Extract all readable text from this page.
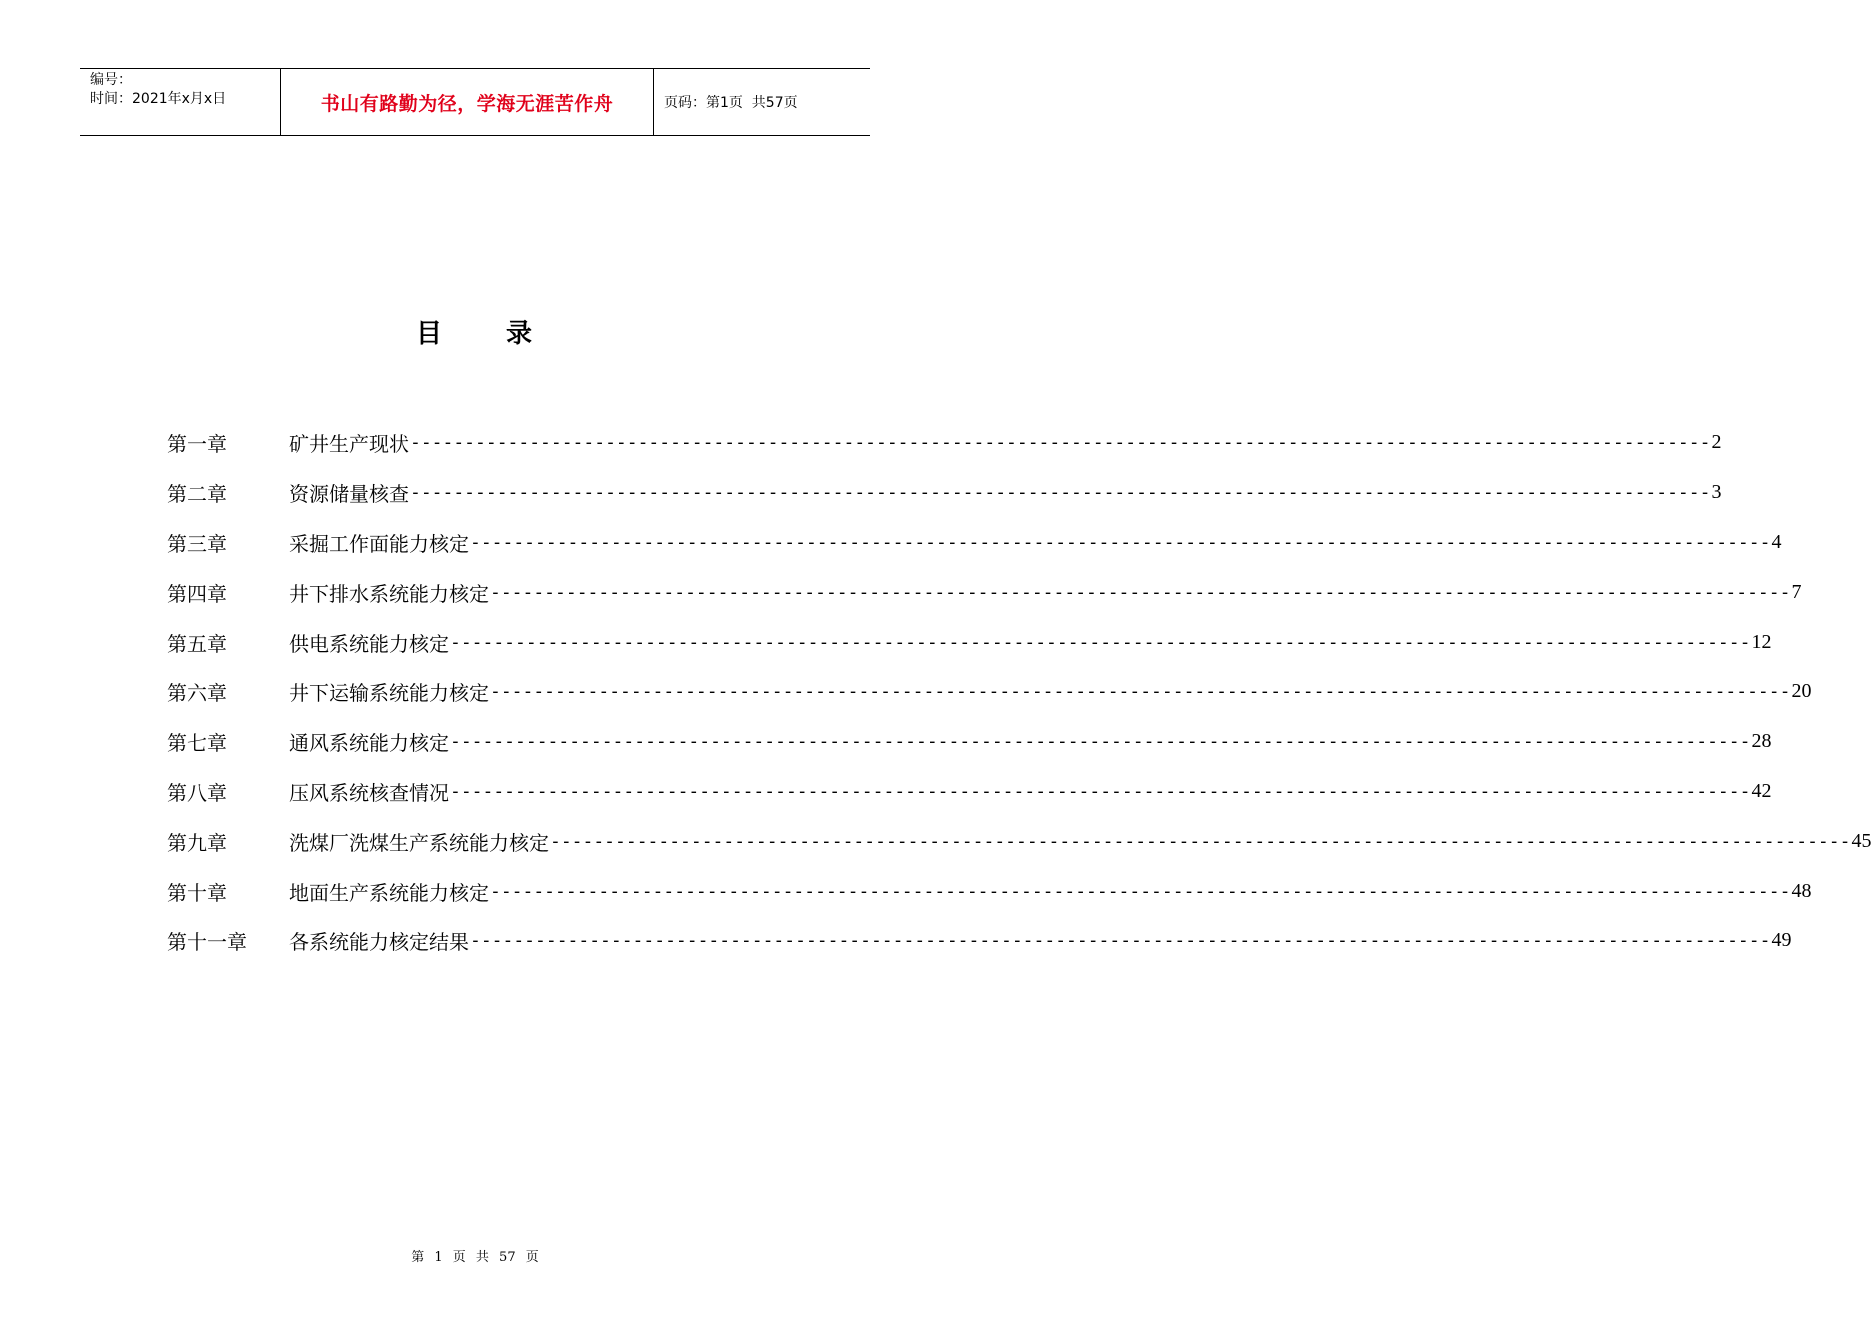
编号：
时间：2021年x月x日	书山有路勤为径，学海无涯苦作舟	页码：第1页  共57页
目 录
第一章	矿井生产现状 ------------------------------------------------------------------------------------------------------------------------ 2
第二章	资源储量核查 ------------------------------------------------------------------------------------------------------------------------ 3
第三章	采掘工作面能力核定 ------------------------------------------------------------------------------------------------------------------------ 4
第四章	井下排水系统能力核定 ------------------------------------------------------------------------------------------------------------------------ 7
第五章	供电系统能力核定 ------------------------------------------------------------------------------------------------------------------------ 12
第六章	井下运输系统能力核定 ------------------------------------------------------------------------------------------------------------------------ 20
第七章	通风系统能力核定 ------------------------------------------------------------------------------------------------------------------------ 28
第八章	压风系统核查情况 ------------------------------------------------------------------------------------------------------------------------ 42
第九章	洗煤厂洗煤生产系统能力核定 ------------------------------------------------------------------------------------------------------------------------ 45
第十章	地面生产系统能力核定 ------------------------------------------------------------------------------------------------------------------------ 48
第十一章	各系统能力核定结果 ------------------------------------------------------------------------------------------------------------------------ 49
第 1 页 共 57 页
